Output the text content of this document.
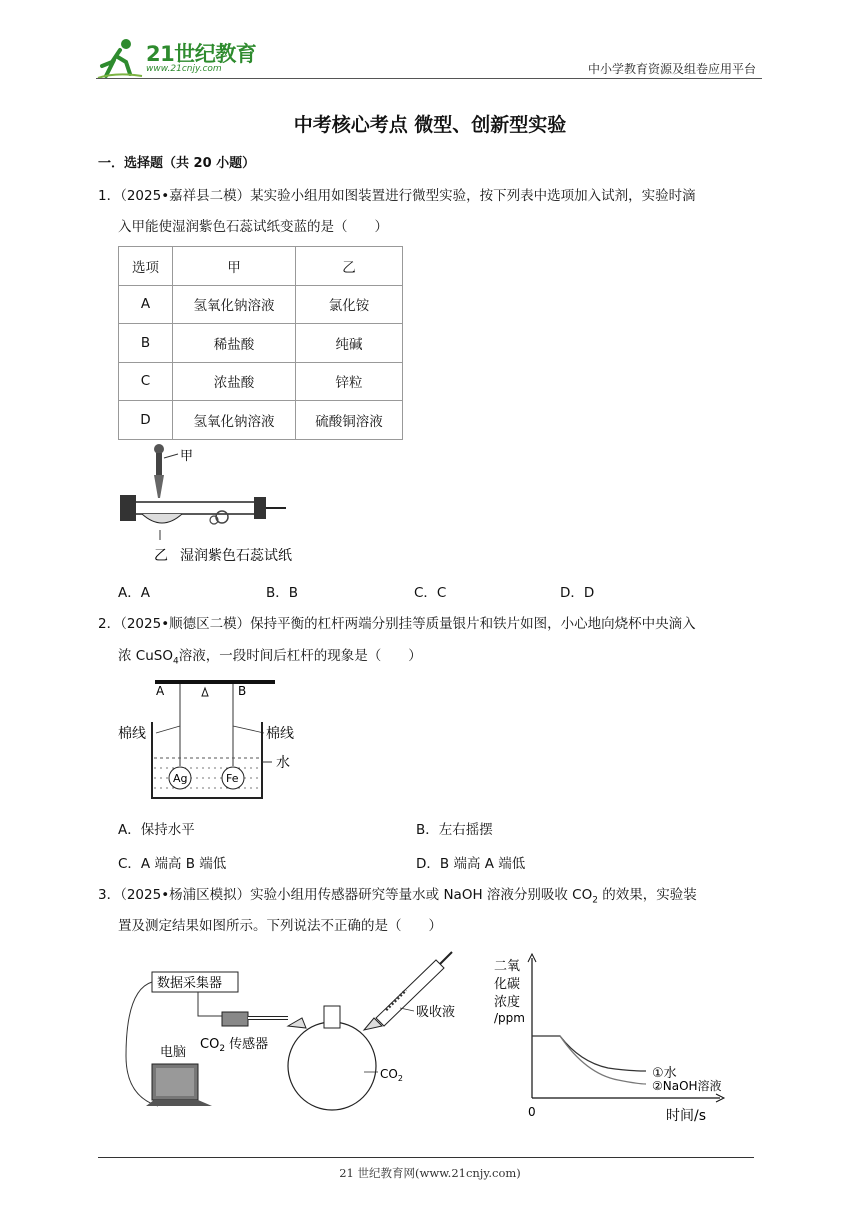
21世纪教育
www.21cnjy.com	中小学教育资源及组卷应用平台
中考核心考点 微型、创新型实验
一．选择题（共 20 小题）
1．（2025•嘉祥县二模）某实验小组用如图装置进行微型实验，按下列表中选项加入试剂，实验时滴
入甲能使湿润紫色石蕊试纸变蓝的是（　　）
选项	甲	乙
A	氢氧化钠溶液	氯化铵
B	稀盐酸	纯碱
C	浓盐酸	锌粒
D	氢氧化钠溶液	硫酸铜溶液
甲
乙 湿润紫色石蕊试纸
A．A	B．B	C．C	D．D
2．（2025•顺德区二模）保持平衡的杠杆两端分别挂等质量银片和铁片如图，小心地向烧杯中央滴入
浓 CuSO$_4$溶液，一段时间后杠杆的现象是（　　）
A	B
棉线	棉线
Ag	Fe
水
A．保持水平	B．左右摇摆
C．A 端高 B 端低	D．B 端高 A 端低
3．（2025•杨浦区模拟）实验小组用传感器研究等量水或 NaOH 溶液分别吸收 $CO_2$ 的效果，实验装
置及测定结果如图所示。下列说法不正确的是（　　）
数据采集器
电脑
$CO_2$ 传感器
$CO_2$
吸收液
二氧
化碳
浓度
/ppm
0	时间/s
①水
②NaOH溶液
21 世纪教育网(www.21cnjy.com)
